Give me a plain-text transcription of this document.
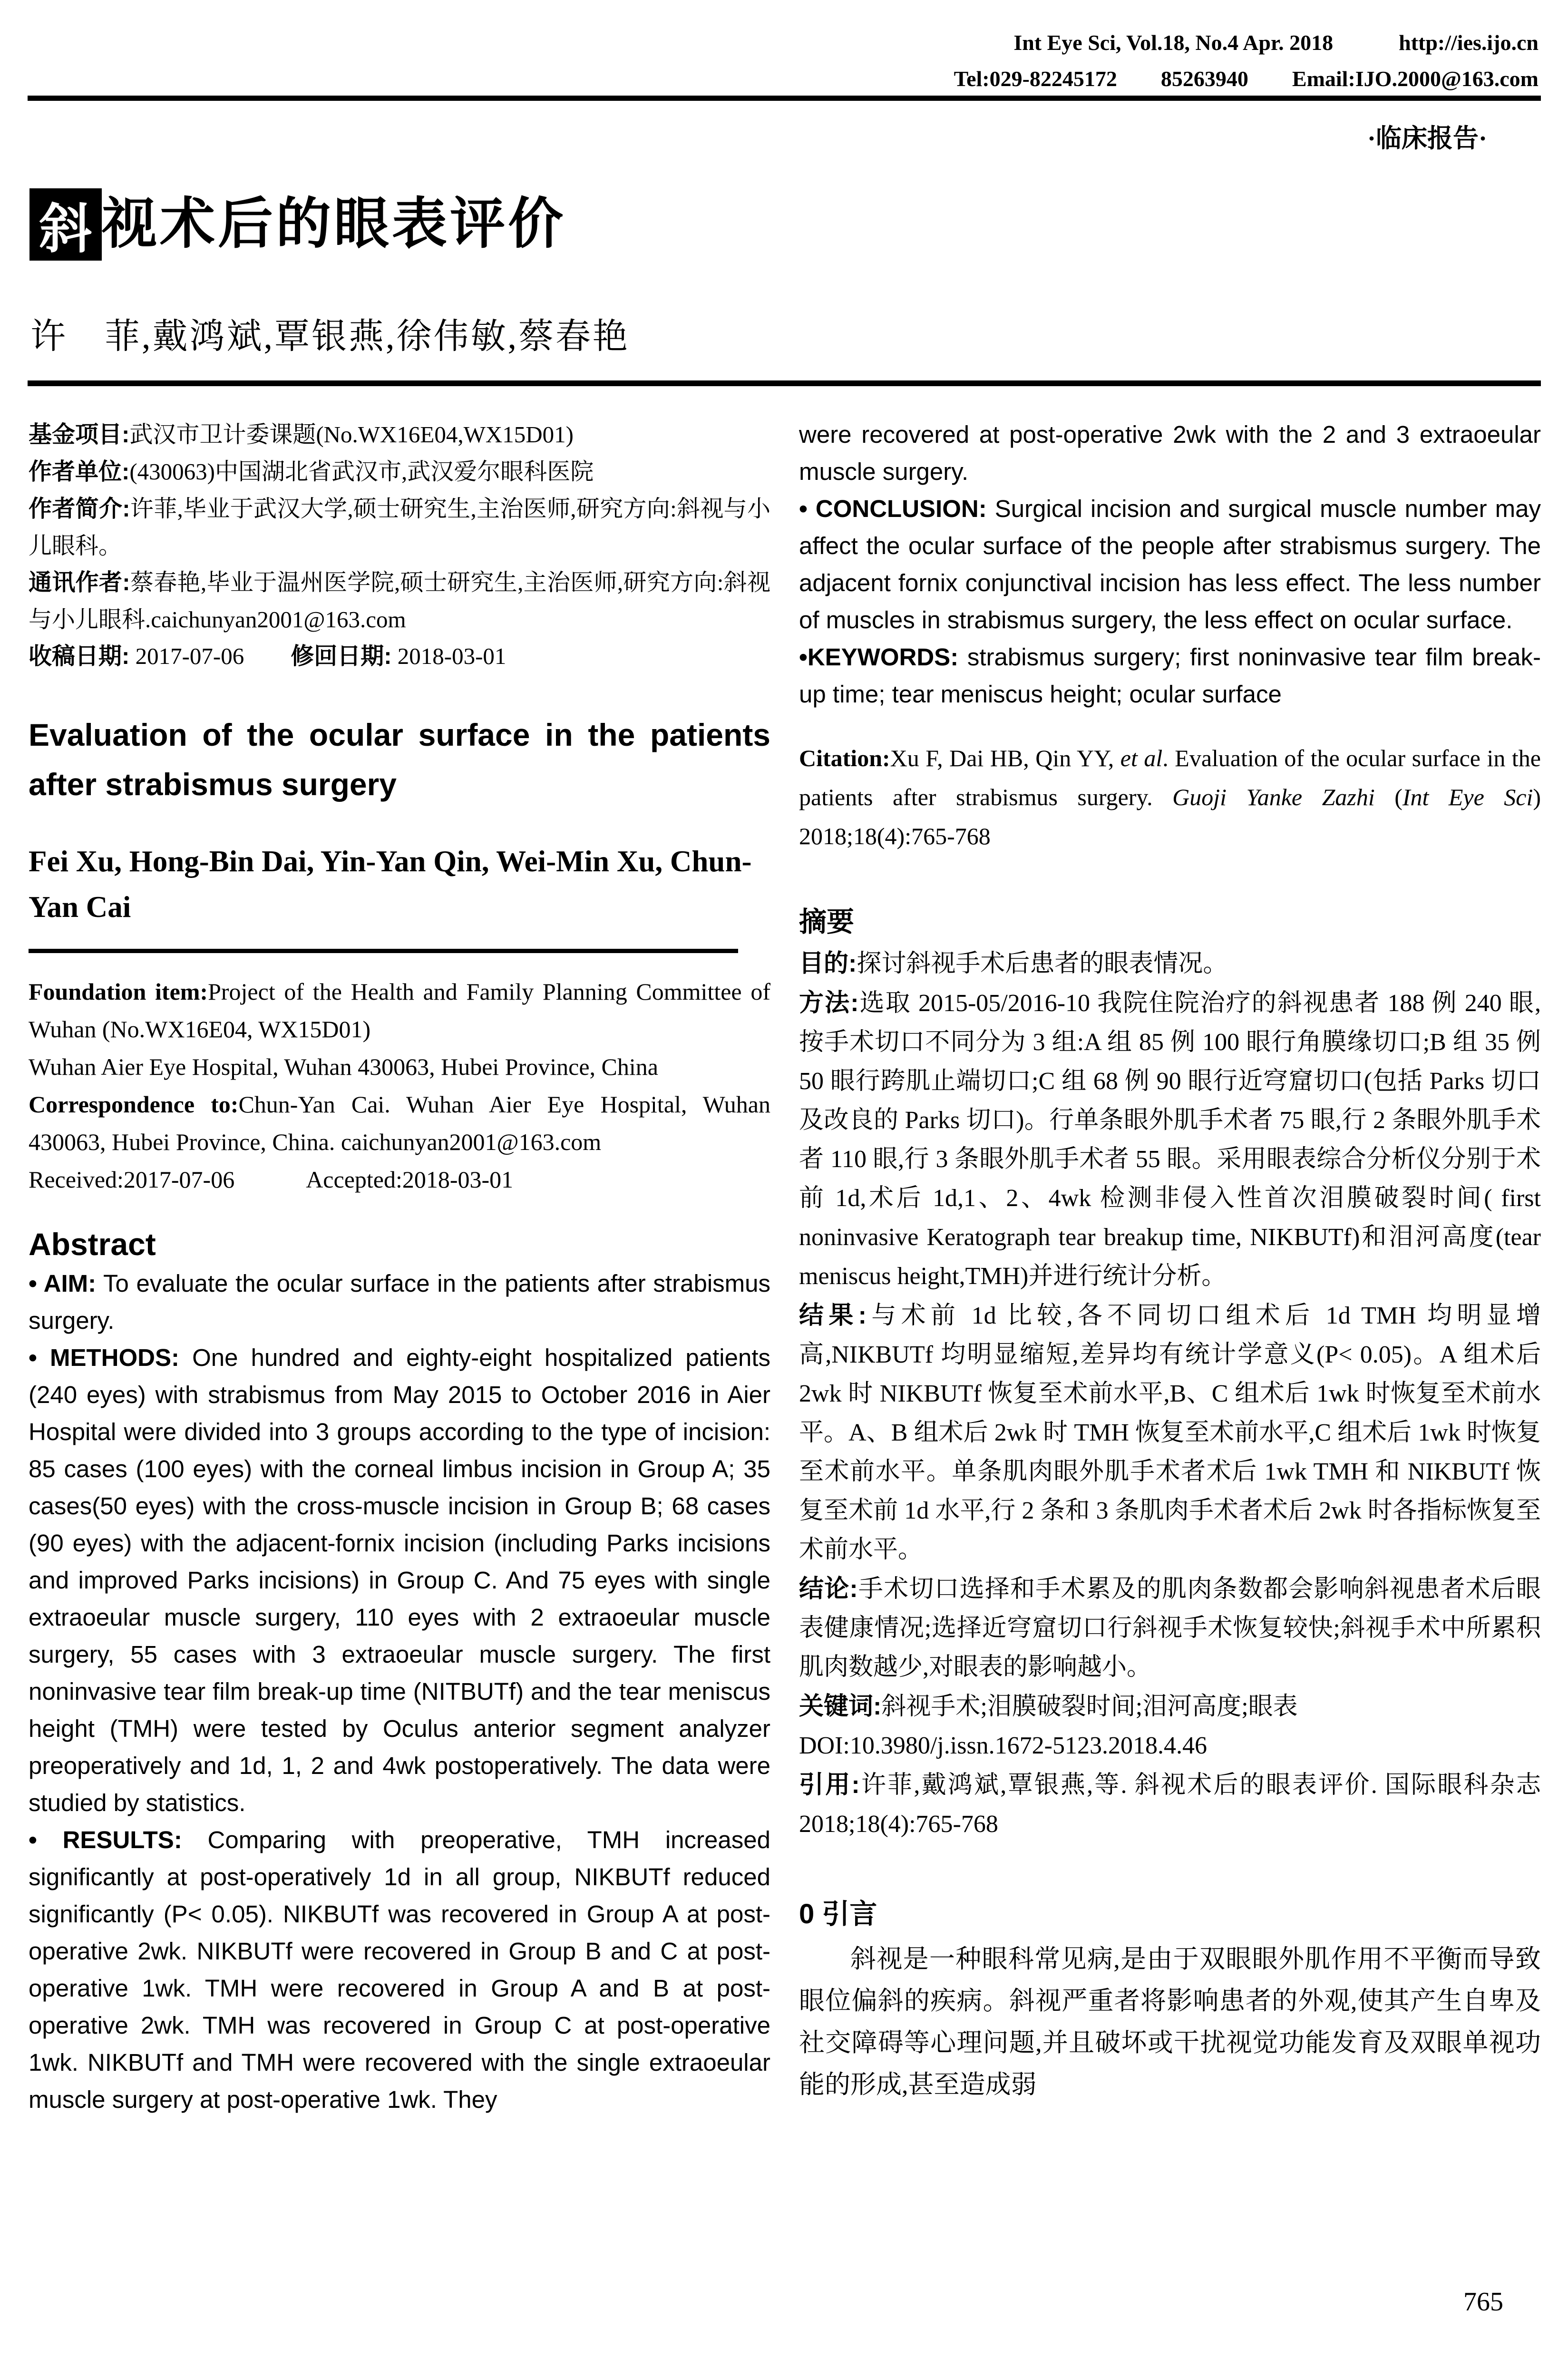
Int Eye Sci, Vol.18, No.4 Apr. 2018　　　http://ies.ijo.cn
Tel:029-82245172　　85263940　　Email:IJO.2000@163.com
·临床报告·
斜 视术后的眼表评价
许　菲,戴鸿斌,覃银燕,徐伟敏,蔡春艳

基金项目:武汉市卫计委课题(No.WX16E04,WX15D01)

作者单位:(430063)中国湖北省武汉市,武汉爱尔眼科医院

作者简介:许菲,毕业于武汉大学,硕士研究生,主治医师,研究方向:斜视与小儿眼科。

通讯作者:蔡春艳,毕业于温州医学院,硕士研究生,主治医师,研究方向:斜视与小儿眼科.caichunyan2001@163.com

收稿日期: 2017-07-06　　修回日期: 2018-03-01

Evaluation of the ocular surface in the patients after strabismus surgery
Fei Xu, Hong-Bin Dai, Yin-Yan Qin, Wei-Min Xu, Chun-Yan Cai

Foundation item:Project of the Health and Family Planning Committee of Wuhan (No.WX16E04, WX15D01)

Wuhan Aier Eye Hospital, Wuhan 430063, Hubei Province, China

Correspondence to:Chun-Yan Cai. Wuhan Aier Eye Hospital, Wuhan 430063, Hubei Province, China. caichunyan2001@163.com

Received:2017-07-06　　　Accepted:2018-03-01

Abstract

• AIM: To evaluate the ocular surface in the patients after strabismus surgery.

• METHODS: One hundred and eighty-eight hospitalized patients (240 eyes) with strabismus from May 2015 to October 2016 in Aier Hospital were divided into 3 groups according to the type of incision: 85 cases (100 eyes) with the corneal limbus incision in Group A; 35 cases(50 eyes) with the cross-muscle incision in Group B; 68 cases (90 eyes) with the adjacent-fornix incision (including Parks incisions and improved Parks incisions) in Group C. And 75 eyes with single extraoeular muscle surgery, 110 eyes with 2 extraoeular muscle surgery, 55 cases with 3 extraoeular muscle surgery. The first noninvasive tear film break-up time (NITBUTf) and the tear meniscus height (TMH) were tested by Oculus anterior segment analyzer preoperatively and 1d, 1, 2 and 4wk postoperatively. The data were studied by statistics.

• RESULTS: Comparing with preoperative, TMH increased significantly at post-operatively 1d in all group, NIKBUTf reduced significantly (P< 0.05). NIKBUTf was recovered in Group A at post-operative 2wk. NIKBUTf were recovered in Group B and C at post-operative 1wk. TMH were recovered in Group A and B at post-operative 2wk. TMH was recovered in Group C at post-operative 1wk. NIKBUTf and TMH were recovered with the single extraoeular muscle surgery at post-operative 1wk. They

were recovered at post-operative 2wk with the 2 and 3 extraoeular muscle surgery.

• CONCLUSION: Surgical incision and surgical muscle number may affect the ocular surface of the people after strabismus surgery. The adjacent fornix conjunctival incision has less effect. The less number of muscles in strabismus surgery, the less effect on ocular surface.

•KEYWORDS: strabismus surgery; first noninvasive tear film break-up time; tear meniscus height; ocular surface

Citation:Xu F, Dai HB, Qin YY, et al. Evaluation of the ocular surface in the patients after strabismus surgery. Guoji Yanke Zazhi (Int Eye Sci) 2018;18(4):765-768

摘要

目的:探讨斜视手术后患者的眼表情况。

方法:选取 2015-05/2016-10 我院住院治疗的斜视患者 188 例 240 眼,按手术切口不同分为 3 组:A 组 85 例 100 眼行角膜缘切口;B 组 35 例 50 眼行跨肌止端切口;C 组 68 例 90 眼行近穹窟切口(包括 Parks 切口及改良的 Parks 切口)。行单条眼外肌手术者 75 眼,行 2 条眼外肌手术者 110 眼,行 3 条眼外肌手术者 55 眼。采用眼表综合分析仪分别于术前 1d,术后 1d,1、2、4wk 检测非侵入性首次泪膜破裂时间( first noninvasive Keratograph tear breakup time, NIKBUTf)和泪河高度(tear meniscus height,TMH)并进行统计分析。

结果:与术前 1d 比较,各不同切口组术后 1d TMH 均明显增高,NIKBUTf 均明显缩短,差异均有统计学意义(P< 0.05)。A 组术后 2wk 时 NIKBUTf 恢复至术前水平,B、C 组术后 1wk 时恢复至术前水平。A、B 组术后 2wk 时 TMH 恢复至术前水平,C 组术后 1wk 时恢复至术前水平。单条肌肉眼外肌手术者术后 1wk TMH 和 NIKBUTf 恢复至术前 1d 水平,行 2 条和 3 条肌肉手术者术后 2wk 时各指标恢复至术前水平。

结论:手术切口选择和手术累及的肌肉条数都会影响斜视患者术后眼表健康情况;选择近穹窟切口行斜视手术恢复较快;斜视手术中所累积肌肉数越少,对眼表的影响越小。

关键词:斜视手术;泪膜破裂时间;泪河高度;眼表

DOI:10.3980/j.issn.1672-5123.2018.4.46

引用:许菲,戴鸿斌,覃银燕,等. 斜视术后的眼表评价. 国际眼科杂志 2018;18(4):765-768

0 引言

斜视是一种眼科常见病,是由于双眼眼外肌作用不平衡而导致眼位偏斜的疾病。斜视严重者将影响患者的外观,使其产生自卑及社交障碍等心理问题,并且破坏或干扰视觉功能发育及双眼单视功能的形成,甚至造成弱

765
